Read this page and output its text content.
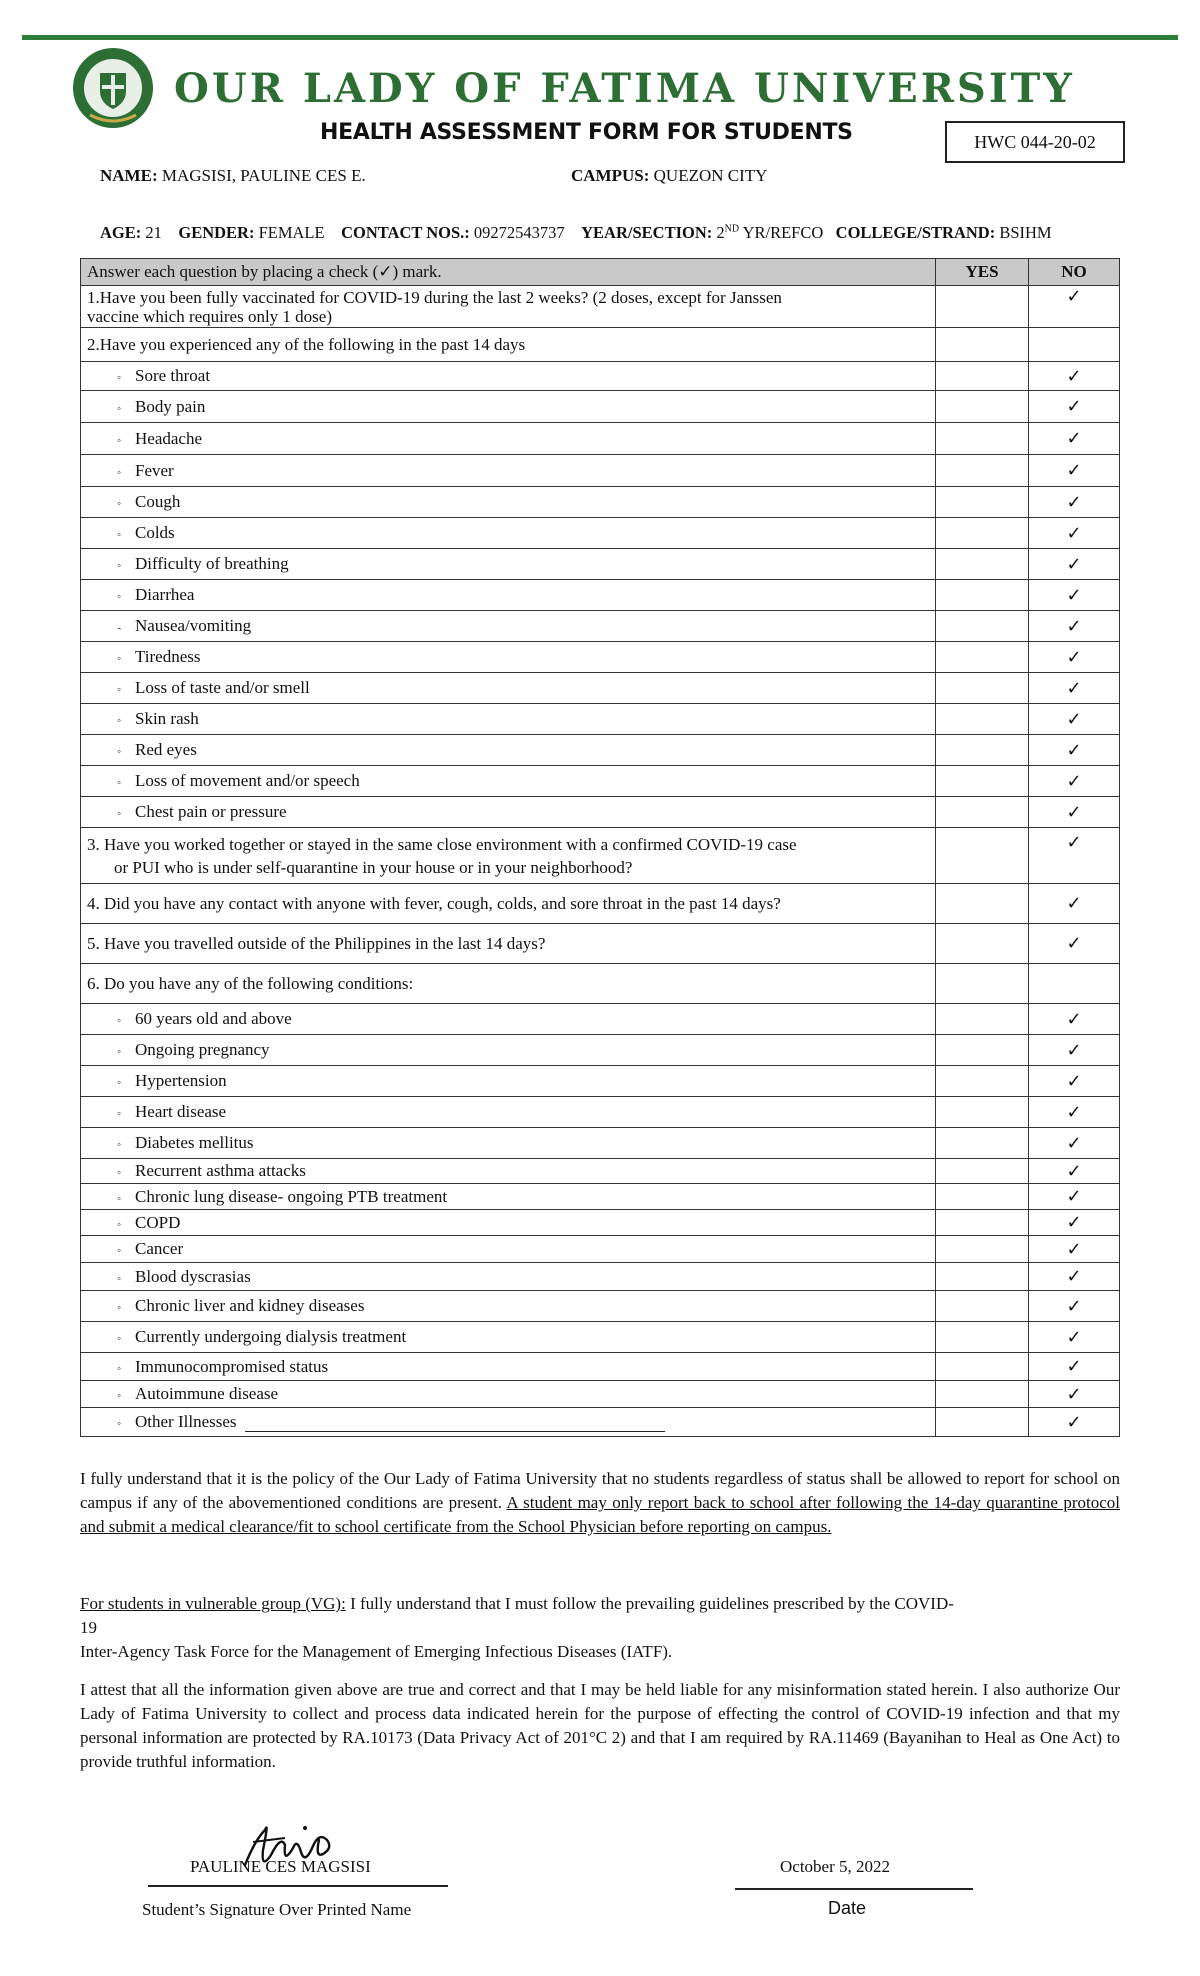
OUR LADY OF FATIMA UNIVERSITY
HEALTH ASSESSMENT FORM FOR STUDENTS	HWC 044-20-02
NAME: MAGSISI, PAULINE CES E.	CAMPUS: QUEZON CITY
AGE: 21 GENDER: FEMALE CONTACT NOS.: 09272543737 YEAR/SECTION: 2ND YR/REFCO COLLEGE/STRAND: BSIHM
Answer each question by placing a check (✓) mark.	YES	NO

1.Have you been fully vaccinated for COVID-19 during the last 2 weeks? (2 doses, except for Janssen
vaccine which requires only 1 dose)		✓
2.Have you experienced any of the following in the past 14 days		
◦ Sore throat		✓
◦ Body pain		✓
◦ Headache		✓
◦ Fever		✓
◦ Cough		✓
◦ Colds		✓
◦ Difficulty of breathing		✓
◦ Diarrhea		✓
- Nausea/vomiting		✓
◦ Tiredness		✓
◦ Loss of taste and/or smell		✓
◦ Skin rash		✓
◦ Red eyes		✓
◦ Loss of movement and/or speech		✓
◦ Chest pain or pressure		✓

3. Have you worked together or stayed in the same close environment with a confirmed COVID-19 case
or PUI who is under self-quarantine in your house or in your neighborhood?		✓
4. Did you have any contact with anyone with fever, cough, colds, and sore throat in the past 14 days?		✓
5. Have you travelled outside of the Philippines in the last 14 days?		✓
6. Do you have any of the following conditions:		
◦ 60 years old and above		✓
◦ Ongoing pregnancy		✓
◦ Hypertension		✓
◦ Heart disease		✓
◦ Diabetes mellitus		✓
◦ Recurrent asthma attacks		✓
◦ Chronic lung disease- ongoing PTB treatment		✓
◦ COPD		✓
◦ Cancer		✓
◦ Blood dyscrasias		✓
◦ Chronic liver and kidney diseases		✓
◦ Currently undergoing dialysis treatment		✓
◦ Immunocompromised status		✓
◦ Autoimmune disease		✓
◦ Other Illnesses		✓
I fully understand that it is the policy of the Our Lady of Fatima University that no students regardless of status shall be allowed to report for school on campus if any of the abovementioned conditions are present. A student may only report back to school after following the 14-day quarantine protocol and submit a medical clearance/fit to school certificate from the School Physician before reporting on campus.
For students in vulnerable group (VG): I fully understand that I must follow the prevailing guidelines prescribed by the COVID-
19
Inter-Agency Task Force for the Management of Emerging Infectious Diseases (IATF).
I attest that all the information given above are true and correct and that I may be held liable for any misinformation stated herein. I also authorize Our Lady of Fatima University to collect and process data indicated herein for the purpose of effecting the control of COVID-19 infection and that my personal information are protected by RA.10173 (Data Privacy Act of 201°C 2) and that I am required by RA.11469 (Bayanihan to Heal as One Act) to provide truthful information.
PAULINE CES MAGSISI
Student’s Signature Over Printed Name
October 5, 2022
Date
